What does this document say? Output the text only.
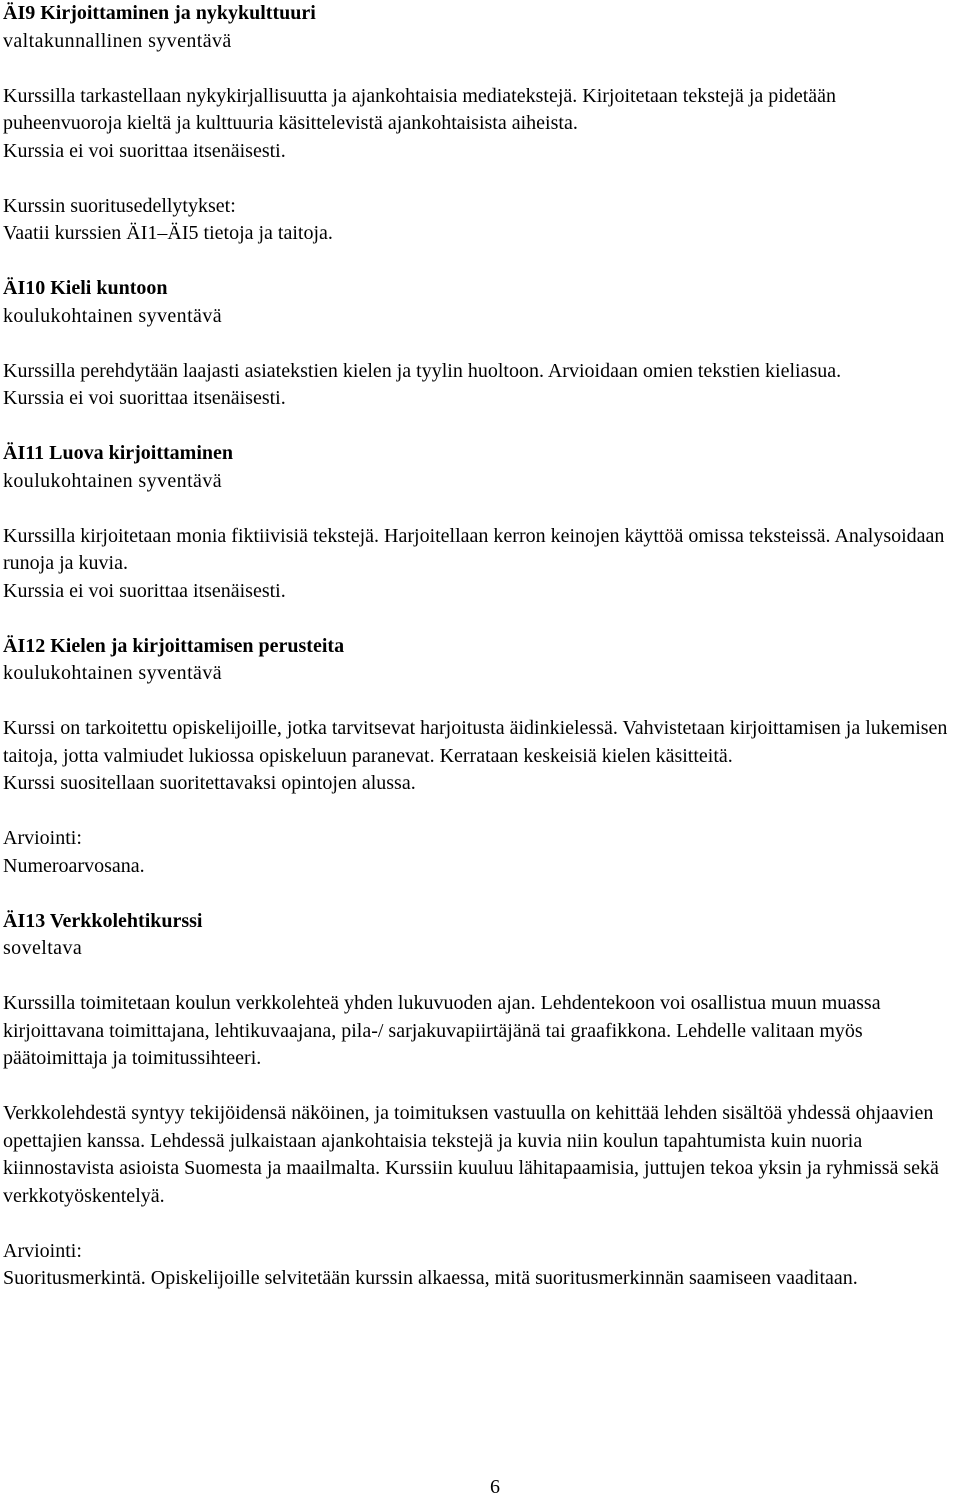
ÄI9 Kirjoittaminen ja nykykulttuuri
valtakunnallinen syventävä

Kurssilla tarkastellaan nykykirjallisuutta ja ajankohtaisia mediatekstejä. Kirjoitetaan tekstejä ja pidetään puheenvuoroja kieltä ja kulttuuria käsittelevistä ajankohtaisista aiheista.

Kurssia ei voi suorittaa itsenäisesti.

Kurssin suoritusedellytykset:

Vaatii kurssien ÄI1–ÄI5 tietoja ja taitoja.

ÄI10 Kieli kuntoon
koulukohtainen syventävä

Kurssilla perehdytään laajasti asiatekstien kielen ja tyylin huoltoon. Arvioidaan omien tekstien kieliasua.

Kurssia ei voi suorittaa itsenäisesti.

ÄI11 Luova kirjoittaminen
koulukohtainen syventävä

Kurssilla kirjoitetaan monia fiktiivisiä tekstejä. Harjoitellaan kerron keinojen käyttöä omissa teksteissä. Analysoidaan runoja ja kuvia.

Kurssia ei voi suorittaa itsenäisesti.

ÄI12 Kielen ja kirjoittamisen perusteita
koulukohtainen syventävä

Kurssi on tarkoitettu opiskelijoille, jotka tarvitsevat harjoitusta äidinkielessä. Vahvistetaan kirjoittamisen ja lukemisen taitoja, jotta valmiudet lukiossa opiskeluun paranevat. Kerrataan keskeisiä kielen käsitteitä.

Kurssi suositellaan suoritettavaksi opintojen alussa.

Arviointi:

Numeroarvosana.

ÄI13 Verkkolehtikurssi
soveltava

Kurssilla toimitetaan koulun verkkolehteä yhden lukuvuoden ajan. Lehdentekoon voi osallistua muun muassa kirjoittavana toimittajana, lehtikuvaajana, pila-/ sarjakuvapiirtäjänä tai graafikkona. Lehdelle valitaan myös päätoimittaja ja toimitussihteeri.

Verkkolehdestä syntyy tekijöidensä näköinen, ja toimituksen vastuulla on kehittää lehden sisältöä yhdessä ohjaavien opettajien kanssa. Lehdessä julkaistaan ajankohtaisia tekstejä ja kuvia niin koulun tapahtumista kuin nuoria kiinnostavista asioista Suomesta ja maailmalta. Kurssiin kuuluu lähitapaamisia, juttujen tekoa yksin ja ryhmissä sekä verkkotyöskentelyä.

Arviointi:

Suoritusmerkintä. Opiskelijoille selvitetään kurssin alkaessa, mitä suoritusmerkinnän saamiseen vaaditaan.

6
